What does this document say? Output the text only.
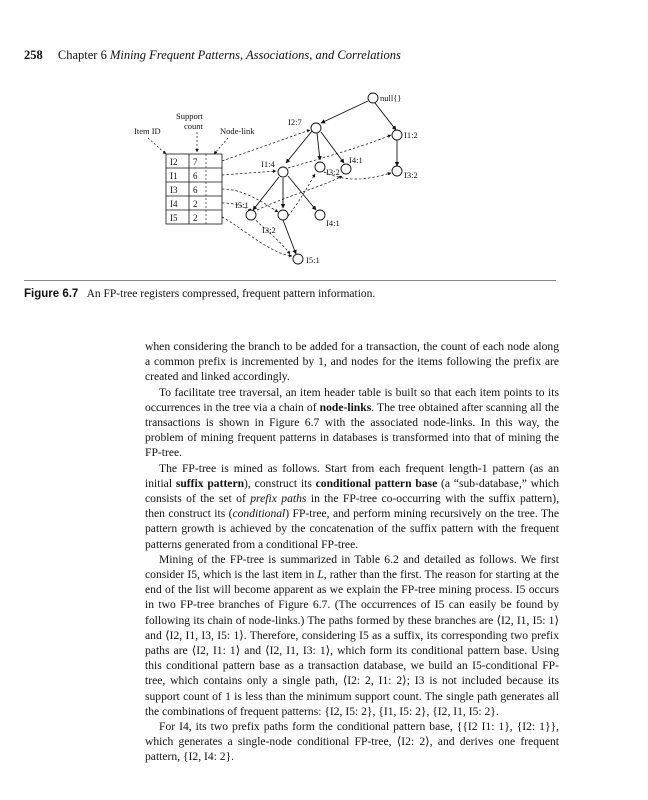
258 Chapter 6 Mining Frequent Patterns, Associations, and Correlations
Item ID
Support
count Node-link
I2 7
I1 6
I3 6
I4 2
I5 2
null{}
I2:7
I1:2
I1:4
I3:2
I4:1
I3:2
I5:1
I3:2
I4:1
I5:1
Figure 6.7 An FP-tree registers compressed, frequent pattern information.

when considering the branch to be added for a transaction, the count of each node along a common prefix is incremented by 1, and nodes for the items following the prefix are created and linked accordingly.

To facilitate tree traversal, an item header table is built so that each item points to its occurrences in the tree via a chain of node-links. The tree obtained after scanning all the transactions is shown in Figure 6.7 with the associated node-links. In this way, the problem of mining frequent patterns in databases is transformed into that of mining the FP-tree.

The FP-tree is mined as follows. Start from each frequent length-1 pattern (as an initial suffix pattern), construct its conditional pattern base (a “sub-database,” which consists of the set of prefix paths in the FP-tree co-occurring with the suffix pattern), then construct its (conditional) FP-tree, and perform mining recursively on the tree. The pattern growth is achieved by the concatenation of the suffix pattern with the frequent patterns generated from a conditional FP-tree.

Mining of the FP-tree is summarized in Table 6.2 and detailed as follows. We first consider I5, which is the last item in L, rather than the first. The reason for starting at the end of the list will become apparent as we explain the FP-tree mining process. I5 occurs in two FP-tree branches of Figure 6.7. (The occurrences of I5 can easily be found by following its chain of node-links.) The paths formed by these branches are ⟨I2, I1, I5: 1⟩ and ⟨I2, I1, I3, I5: 1⟩. Therefore, considering I5 as a suffix, its corresponding two prefix paths are ⟨I2, I1: 1⟩ and ⟨I2, I1, I3: 1⟩, which form its conditional pattern base. Using this conditional pattern base as a transaction database, we build an I5-conditional FP-tree, which contains only a single path, ⟨I2: 2, I1: 2⟩; I3 is not included because its support count of 1 is less than the minimum support count. The single path generates all the combinations of frequent patterns: {I2, I5: 2}, {I1, I5: 2}, {I2, I1, I5: 2}.

For I4, its two prefix paths form the conditional pattern base, {{I2 I1: 1}, {I2: 1}}, which generates a single-node conditional FP-tree, ⟨I2: 2⟩, and derives one frequent pattern, {I2, I4: 2}.
